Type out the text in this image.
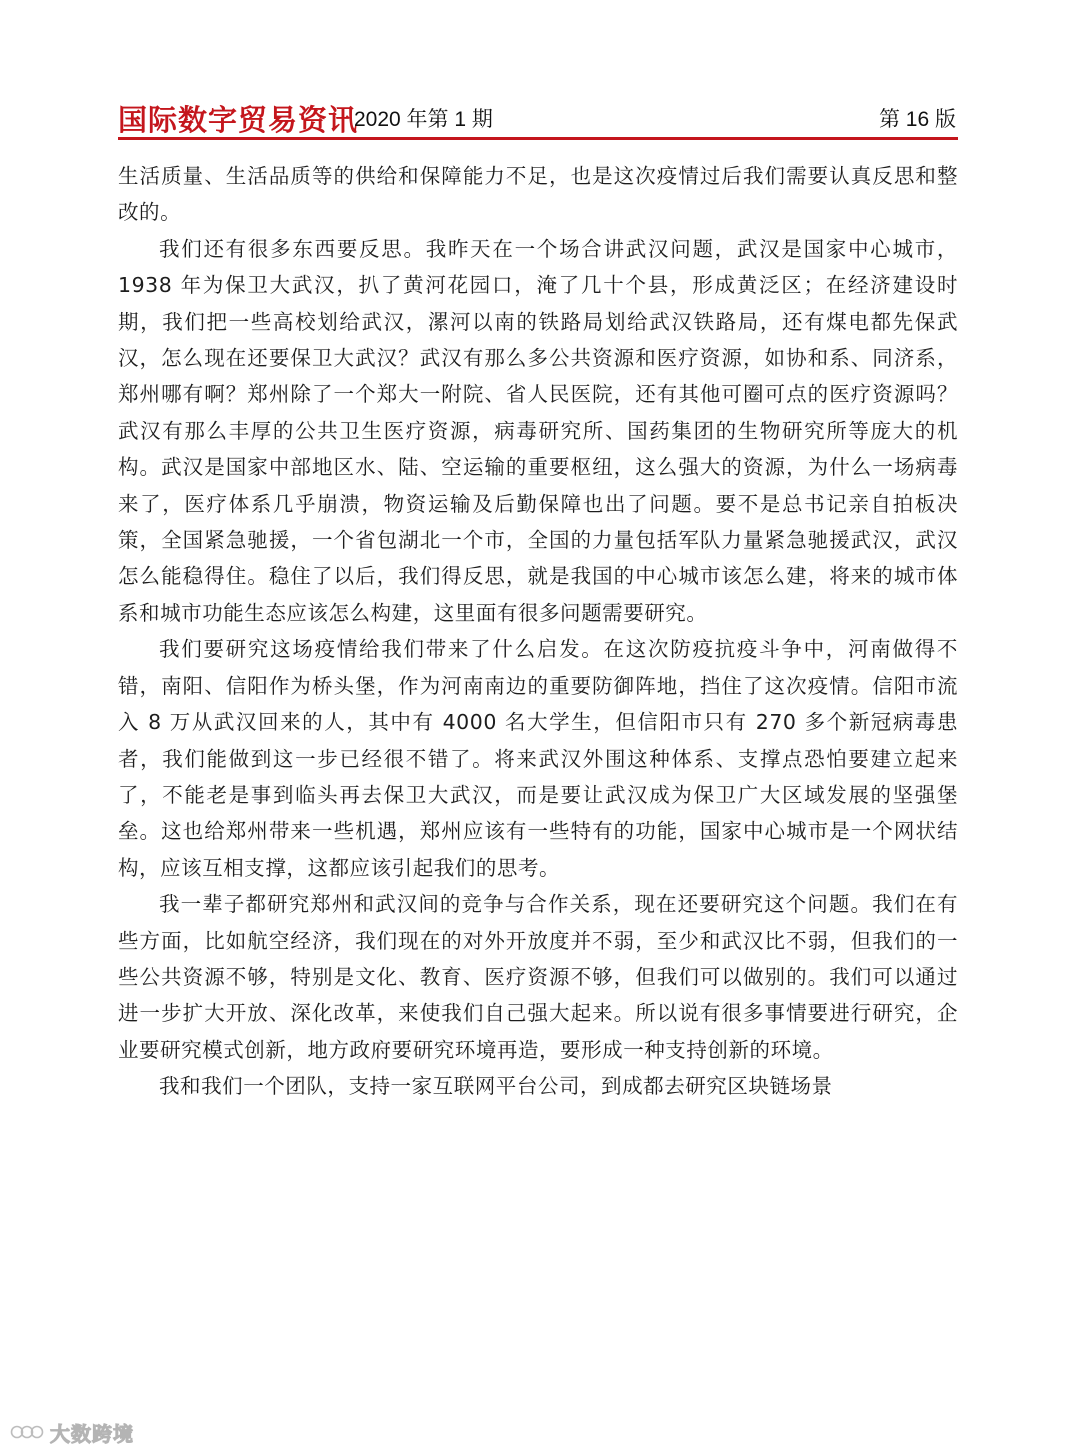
国际数字贸易资讯
2020 年第 1 期	第 16 版

生活质量、生活品质等的供给和保障能力不足，也是这次疫情过后我们需要认真反思和整改的。

我们还有很多东西要反思。我昨天在一个场合讲武汉问题，武汉是国家中心城市，1938 年为保卫大武汉，扒了黄河花园口，淹了几十个县，形成黄泛区；在经济建设时期，我们把一些高校划给武汉，漯河以南的铁路局划给武汉铁路局，还有煤电都先保武汉，怎么现在还要保卫大武汉？武汉有那么多公共资源和医疗资源，如协和系、同济系，郑州哪有啊？郑州除了一个郑大一附院、省人民医院，还有其他可圈可点的医疗资源吗？武汉有那么丰厚的公共卫生医疗资源，病毒研究所、国药集团的生物研究所等庞大的机构。武汉是国家中部地区水、陆、空运输的重要枢纽，这么强大的资源，为什么一场病毒来了，医疗体系几乎崩溃，物资运输及后勤保障也出了问题。要不是总书记亲自拍板决策，全国紧急驰援，一个省包湖北一个市，全国的力量包括军队力量紧急驰援武汉，武汉怎么能稳得住。稳住了以后，我们得反思，就是我国的中心城市该怎么建，将来的城市体系和城市功能生态应该怎么构建，这里面有很多问题需要研究。

我们要研究这场疫情给我们带来了什么启发。在这次防疫抗疫斗争中，河南做得不错，南阳、信阳作为桥头堡，作为河南南边的重要防御阵地，挡住了这次疫情。信阳市流入 8 万从武汉回来的人，其中有 4000 名大学生，但信阳市只有 270 多个新冠病毒患者，我们能做到这一步已经很不错了。将来武汉外围这种体系、支撑点恐怕要建立起来了，不能老是事到临头再去保卫大武汉，而是要让武汉成为保卫广大区域发展的坚强堡垒。这也给郑州带来一些机遇，郑州应该有一些特有的功能，国家中心城市是一个网状结构，应该互相支撑，这都应该引起我们的思考。

我一辈子都研究郑州和武汉间的竞争与合作关系，现在还要研究这个问题。我们在有些方面，比如航空经济，我们现在的对外开放度并不弱，至少和武汉比不弱，但我们的一些公共资源不够，特别是文化、教育、医疗资源不够，但我们可以做别的。我们可以通过进一步扩大开放、深化改革，来使我们自己强大起来。所以说有很多事情要进行研究，企业要研究模式创新，地方政府要研究环境再造，要形成一种支持创新的环境。

我和我们一个团队，支持一家互联网平台公司，到成都去研究区块链场景

大数跨境
